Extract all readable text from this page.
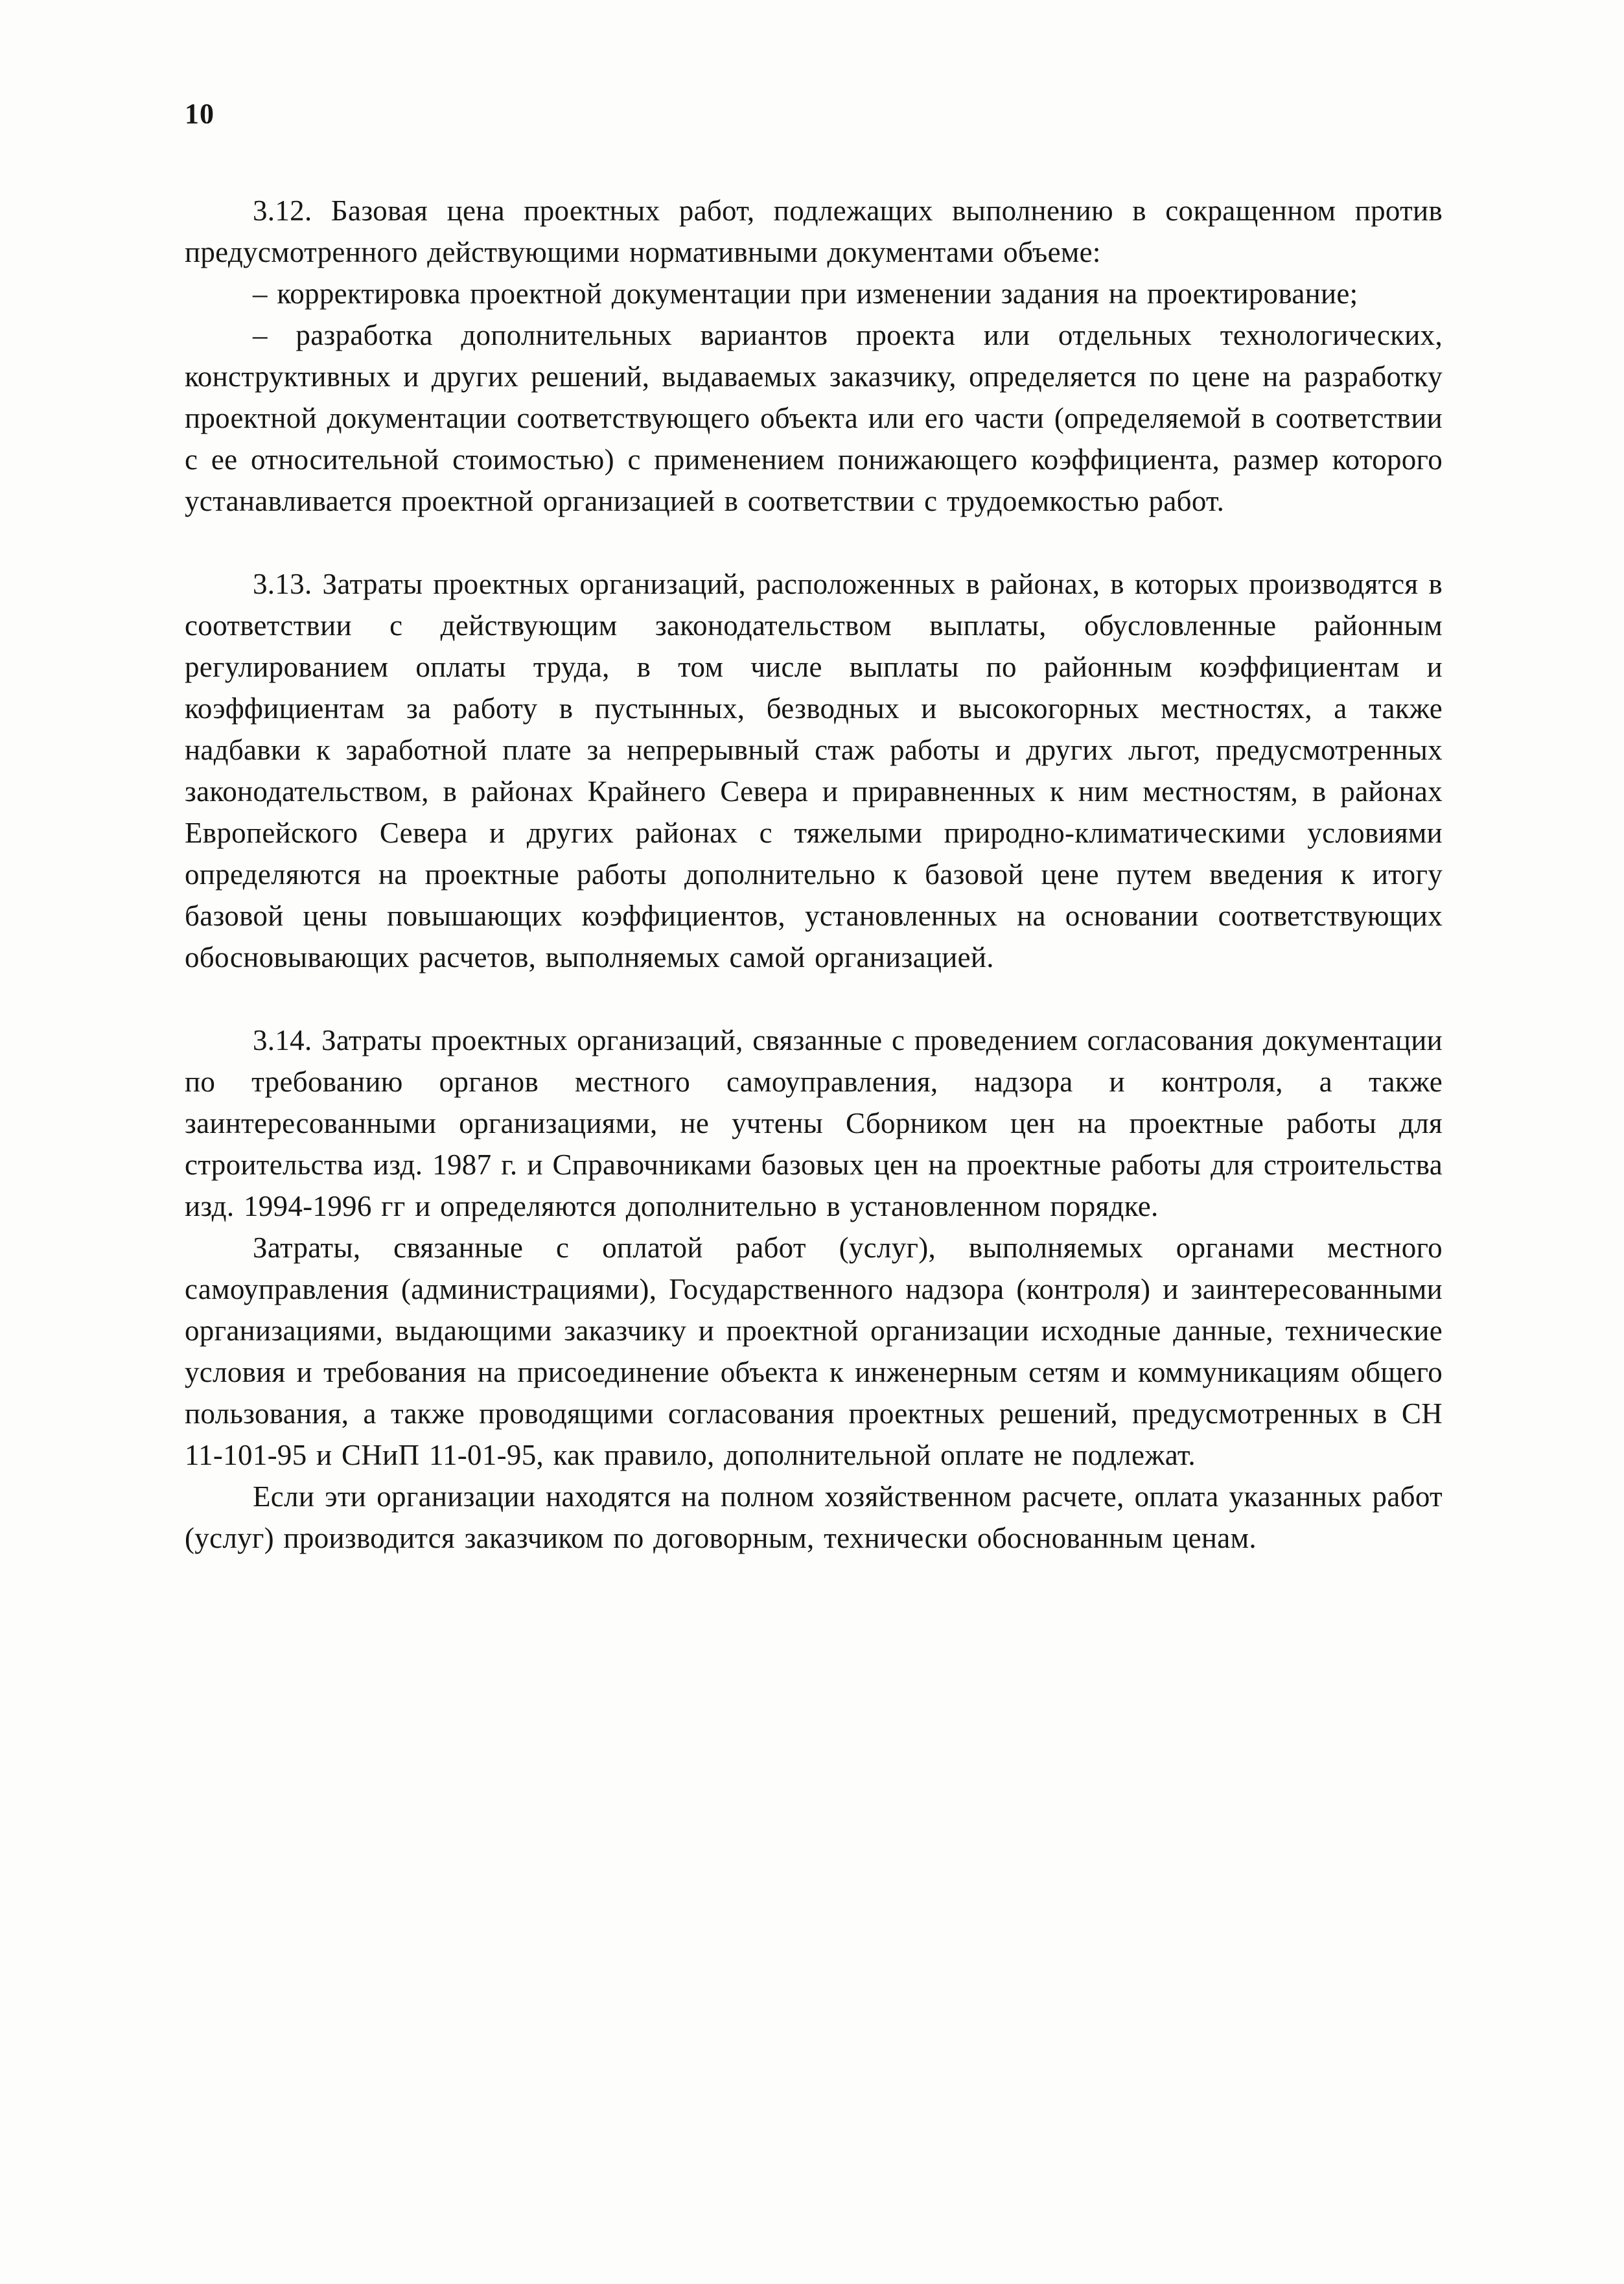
10

3.12. Базовая цена проектных работ, подлежащих выполнению в сокращенном против предусмотренного действующими нормативными документами объеме:

– корректировка проектной документации при изменении задания на проектирование;

– разработка дополнительных вариантов проекта или отдельных технологических, конструктивных и других решений, выдаваемых заказчику, определяется по цене на разработку проектной документации соответствующего объекта или его части (определяемой в соответствии с ее относительной стоимостью) с применением понижающего коэффициента, размер которого устанавливается проектной организацией в соответствии с трудоемкостью работ.

3.13. Затраты проектных организаций, расположенных в районах, в которых производятся в соответствии с действующим законодательством выплаты, обусловленные районным регулированием оплаты труда, в том числе выплаты по районным коэффициентам и коэффициентам за работу в пустынных, безводных и высокогорных местностях, а также надбавки к заработной плате за непрерывный стаж работы и других льгот, предусмотренных законодательством, в районах Крайнего Севера и приравненных к ним местностям, в районах Европейского Севера и других районах с тяжелыми природно-климатическими условиями определяются на проектные работы дополнительно к базовой цене путем введения к итогу базовой цены повышающих коэффициентов, установленных на основании соответствующих обосновывающих расчетов, выполняемых самой организацией.

3.14. Затраты проектных организаций, связанные с проведением согласования документации по требованию органов местного самоуправления, надзора и контроля, а также заинтересованными организациями, не учтены Сборником цен на проектные работы для строительства изд. 1987 г. и Справочниками базовых цен на проектные работы для строительства изд. 1994-1996 гг и определяются дополнительно в установленном порядке.

Затраты, связанные с оплатой работ (услуг), выполняемых органами местного самоуправления (администрациями), Государственного надзора (контроля) и заинтересованными организациями, выдающими заказчику и проектной организации исходные данные, технические условия и требования на присоединение объекта к инженерным сетям и коммуникациям общего пользования, а также проводящими согласования проектных решений, предусмотренных в СН 11-101-95 и СНиП 11-01-95, как правило, дополнительной оплате не подлежат.

Если эти организации находятся на полном хозяйственном расчете, оплата указанных работ (услуг) производится заказчиком по договорным, технически обоснованным ценам.
